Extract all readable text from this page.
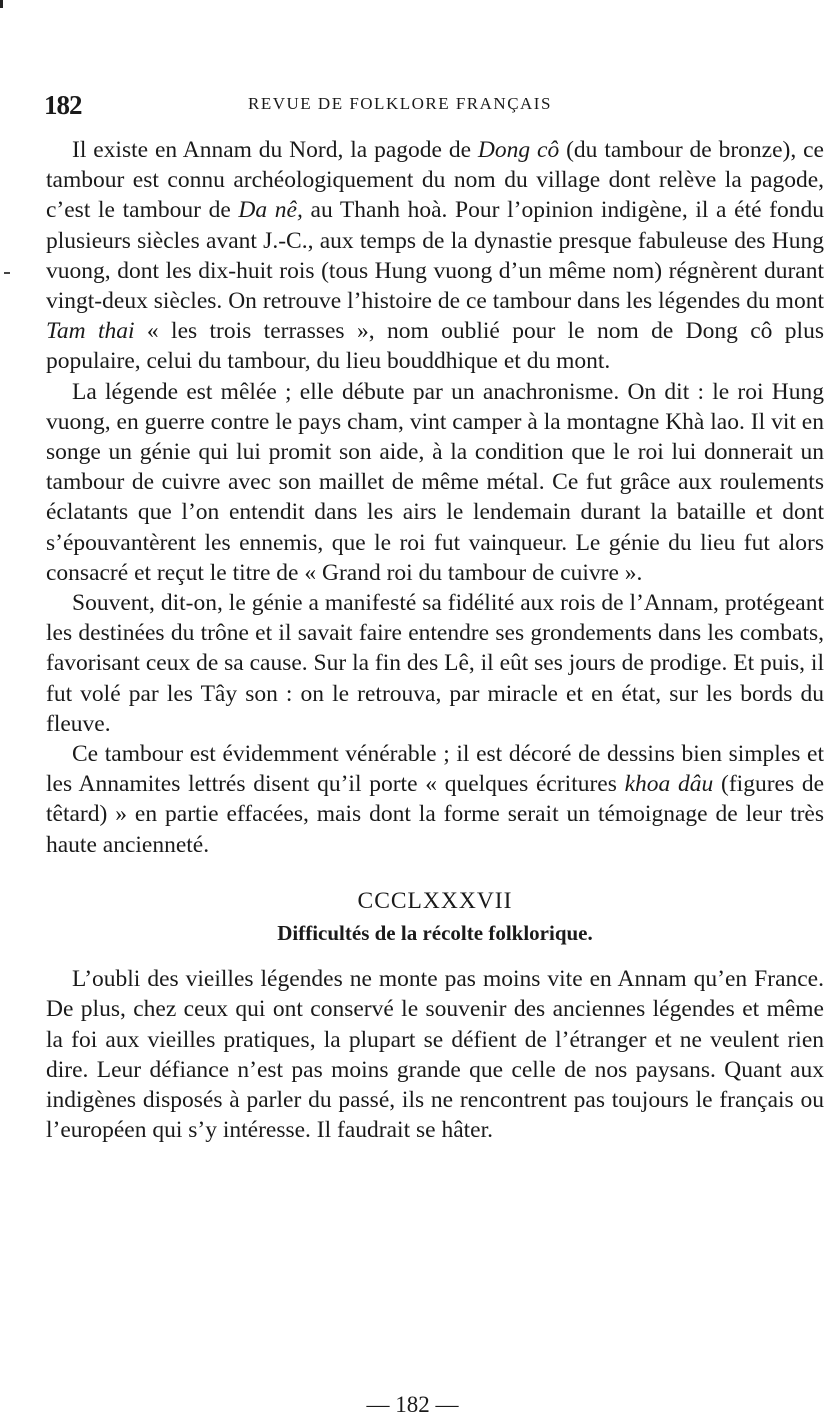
182	REVUE DE FOLKLORE FRANÇAIS

Il existe en Annam du Nord, la pagode de Dong cô (du tambour de bronze), ce tambour est connu archéologiquement du nom du village dont relève la pagode, c’est le tambour de Da nê, au Thanh hoà. Pour l’opinion indigène, il a été fondu plusieurs siècles avant J.-C., aux temps de la dynastie presque fabuleuse des Hung vuong, dont les dix-huit rois (tous Hung vuong d’un même nom) régnèrent durant vingt-deux siècles. On retrouve l’histoire de ce tambour dans les légendes du mont Tam thai « les trois terrasses », nom oublié pour le nom de Dong cô plus populaire, celui du tambour, du lieu bouddhique et du mont.

La légende est mêlée ; elle débute par un anachronisme. On dit : le roi Hung vuong, en guerre contre le pays cham, vint camper à la montagne Khà lao. Il vit en songe un génie qui lui promit son aide, à la condition que le roi lui donnerait un tambour de cuivre avec son maillet de même métal. Ce fut grâce aux roulements éclatants que l’on entendit dans les airs le lendemain durant la bataille et dont s’épouvantèrent les ennemis, que le roi fut vainqueur. Le génie du lieu fut alors consacré et reçut le titre de « Grand roi du tambour de cuivre ».

Souvent, dit-on, le génie a manifesté sa fidélité aux rois de l’Annam, protégeant les destinées du trône et il savait faire entendre ses grondements dans les combats, favorisant ceux de sa cause. Sur la fin des Lê, il eût ses jours de prodige. Et puis, il fut volé par les Tây son : on le retrouva, par miracle et en état, sur les bords du fleuve.

Ce tambour est évidemment vénérable ; il est décoré de dessins bien simples et les Annamites lettrés disent qu’il porte « quelques écritures khoa dâu (figures de têtard) » en partie effacées, mais dont la forme serait un témoignage de leur très haute ancienneté.

CCCLXXXVII
Difficultés de la récolte folklorique.

L’oubli des vieilles légendes ne monte pas moins vite en Annam qu’en France. De plus, chez ceux qui ont conservé le souvenir des anciennes légendes et même la foi aux vieilles pratiques, la plupart se défient de l’étranger et ne veulent rien dire. Leur défiance n’est pas moins grande que celle de nos paysans. Quant aux indigènes disposés à parler du passé, ils ne rencontrent pas toujours le français ou l’européen qui s’y intéresse. Il faudrait se hâter.

— 182 —
